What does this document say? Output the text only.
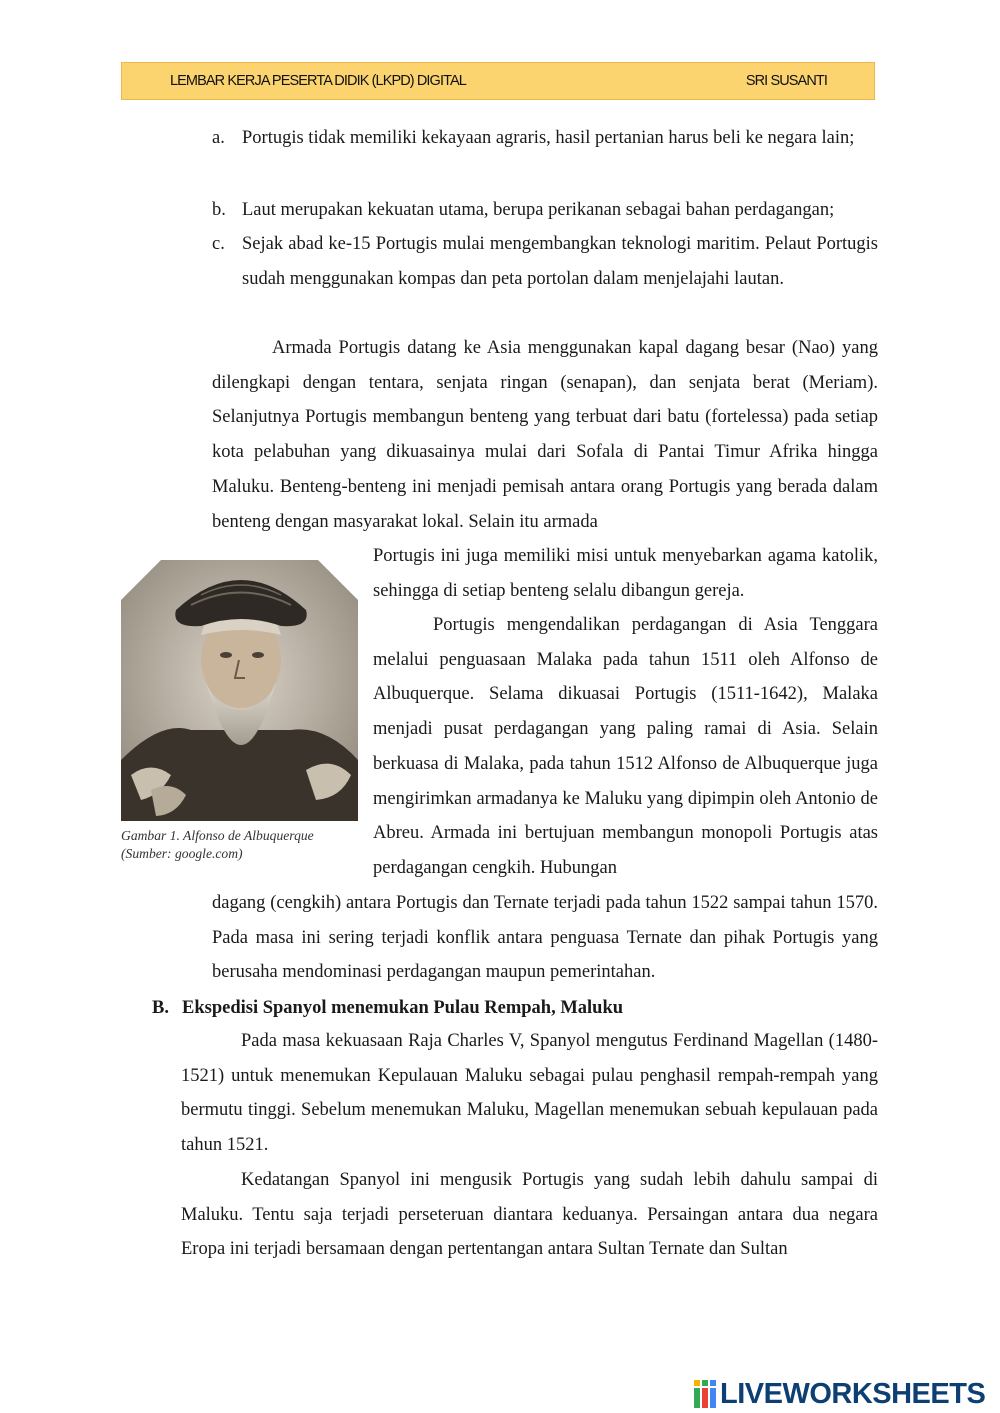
LEMBAR KERJA PESERTA DIDIK (LKPD) DIGITAL	SRI SUSANTI
a. Portugis tidak memiliki kekayaan agraris, hasil pertanian harus beli ke negara lain;

b. Laut merupakan kekuatan utama, berupa perikanan sebagai bahan perdagangan;

c. Sejak abad ke-15 Portugis mulai mengembangkan teknologi maritim. Pelaut Portugis sudah menggunakan kompas dan peta portolan dalam menjelajahi lautan.

Armada Portugis datang ke Asia menggunakan kapal dagang besar (Nao) yang dilengkapi dengan tentara, senjata ringan (senapan), dan senjata berat (Meriam). Selanjutnya Portugis membangun benteng yang terbuat dari batu (fortelessa) pada setiap kota pelabuhan yang dikuasainya mulai dari Sofala di Pantai Timur Afrika hingga Maluku. Benteng-benteng ini menjadi pemisah antara orang Portugis yang berada dalam benteng dengan masyarakat lokal. Selain itu armada

Portugis ini juga memiliki misi untuk menyebarkan agama katolik, sehingga di setiap benteng selalu dibangun gereja.

Portugis mengendalikan perdagangan di Asia Tenggara melalui penguasaan Malaka pada tahun 1511 oleh Alfonso de Albuquerque. Selama dikuasai Portugis (1511-1642), Malaka menjadi pusat perdagangan yang paling ramai di Asia. Selain berkuasa di Malaka, pada tahun 1512 Alfonso de Albuquerque juga mengirimkan armadanya ke Maluku yang dipimpin oleh Antonio de Abreu. Armada ini bertujuan membangun monopoli Portugis atas perdagangan cengkih. Hubungan

dagang (cengkih) antara Portugis dan Ternate terjadi pada tahun 1522 sampai tahun 1570. Pada masa ini sering terjadi konflik antara penguasa Ternate dan pihak Portugis yang berusaha mendominasi perdagangan maupun pemerintahan.

Gambar 1. Alfonso de Albuquerque
(Sumber: google.com)
B. Ekspedisi Spanyol menemukan Pulau Rempah, Maluku

Pada masa kekuasaan Raja Charles V, Spanyol mengutus Ferdinand Magellan (1480- 1521) untuk menemukan Kepulauan Maluku sebagai pulau penghasil rempah-rempah yang bermutu tinggi. Sebelum menemukan Maluku, Magellan menemukan sebuah kepulauan pada tahun 1521.

Kedatangan Spanyol ini mengusik Portugis yang sudah lebih dahulu sampai di Maluku. Tentu saja terjadi perseteruan diantara keduanya. Persaingan antara dua negara Eropa ini terjadi bersamaan dengan pertentangan antara Sultan Ternate dan Sultan

LIVEWORKSHEETS
